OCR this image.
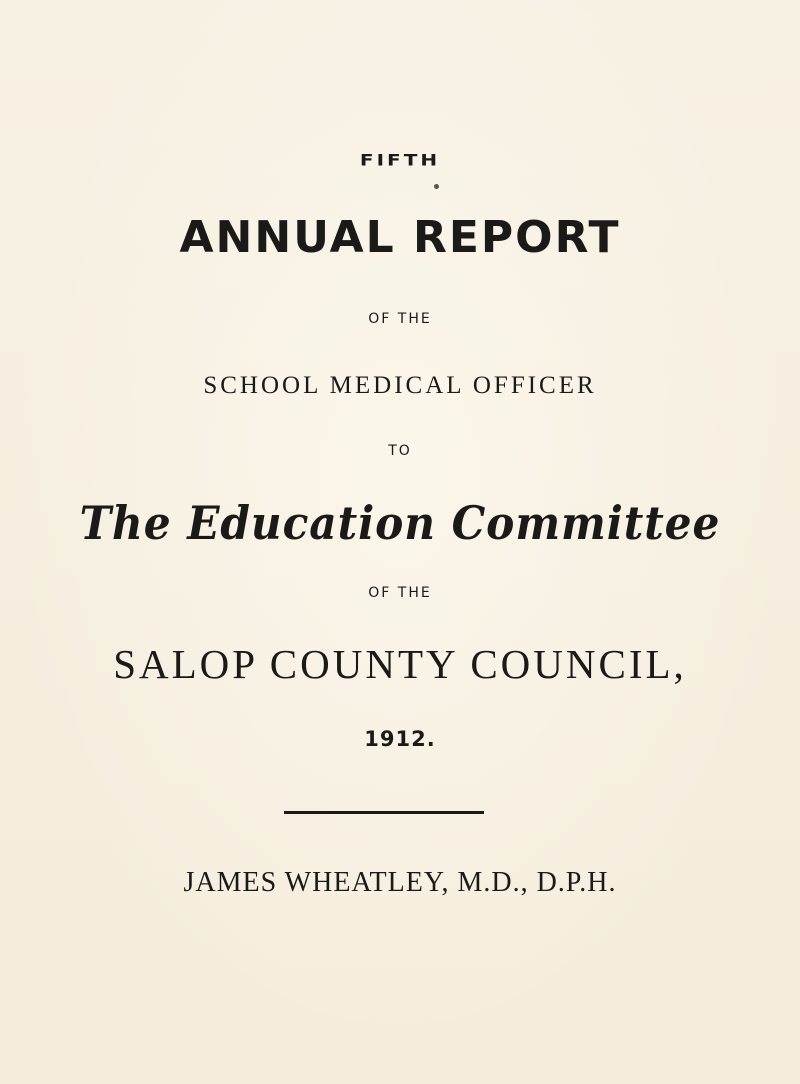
FIFTH
ANNUAL REPORT
OF THE
SCHOOL MEDICAL OFFICER
TO
The Education Committee
OF THE
SALOP COUNTY COUNCIL,
1912.
JAMES WHEATLEY, M.D., D.P.H.
